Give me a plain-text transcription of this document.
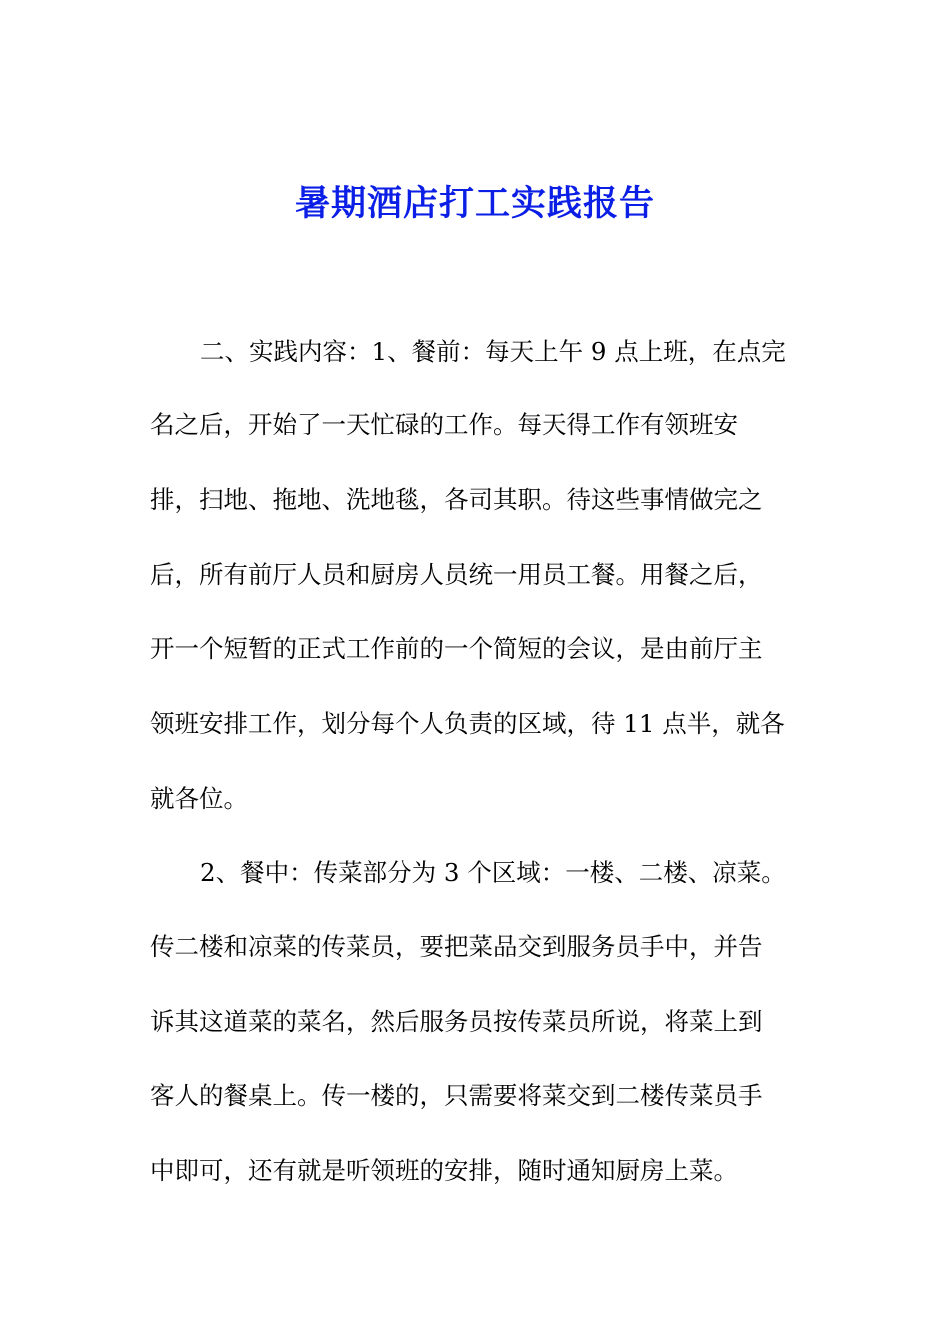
暑期酒店打工实践报告
二、实践内容：1、餐前：每天上午 9 点上班，在点完
名之后，开始了一天忙碌的工作。每天得工作有领班安
排，扫地、拖地、洗地毯，各司其职。待这些事情做完之
后，所有前厅人员和厨房人员统一用员工餐。用餐之后，
开一个短暂的正式工作前的一个简短的会议，是由前厅主
领班安排工作，划分每个人负责的区域，待 11 点半，就各
就各位。
2、餐中：传菜部分为 3 个区域：一楼、二楼、凉菜。
传二楼和凉菜的传菜员，要把菜品交到服务员手中，并告
诉其这道菜的菜名，然后服务员按传菜员所说，将菜上到
客人的餐桌上。传一楼的，只需要将菜交到二楼传菜员手
中即可，还有就是听领班的安排，随时通知厨房上菜。
